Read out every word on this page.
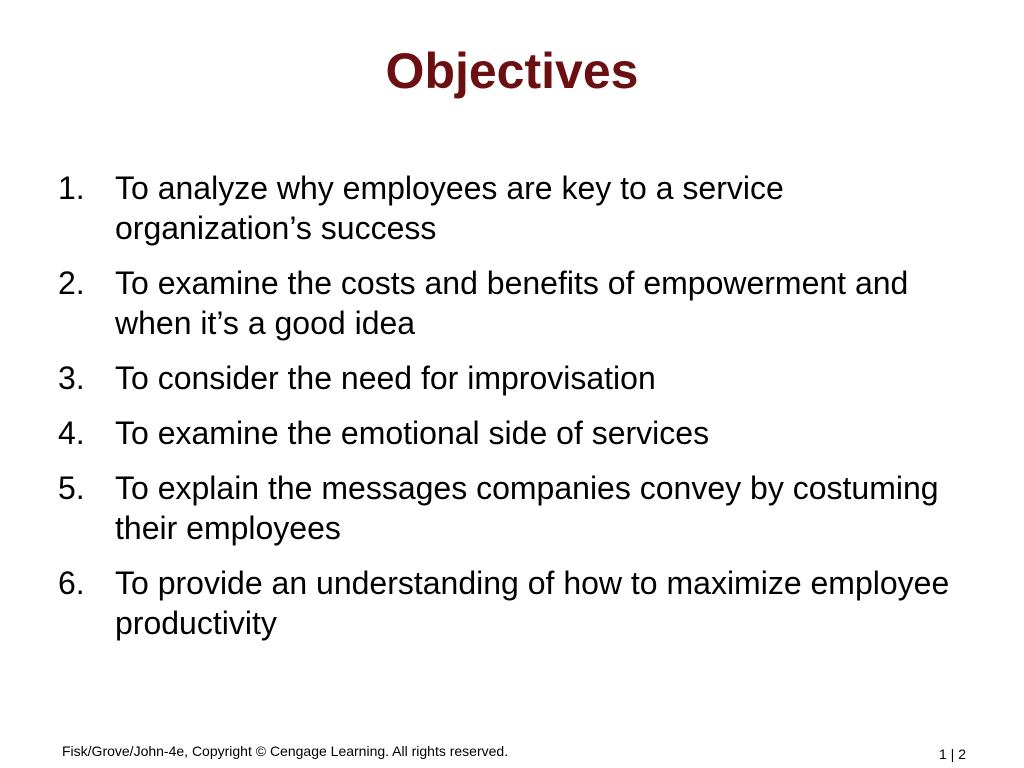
Objectives
1. To analyze why employees are key to a service organization’s success
2. To examine the costs and benefits of empowerment and when it’s a good idea
3. To consider the need for improvisation
4. To examine the emotional side of services
5. To explain the messages companies convey by costuming their employees
6. To provide an understanding of how to maximize employee productivity
Fisk/Grove/John-4e, Copyright © Cengage Learning. All rights reserved.	1 | 2
